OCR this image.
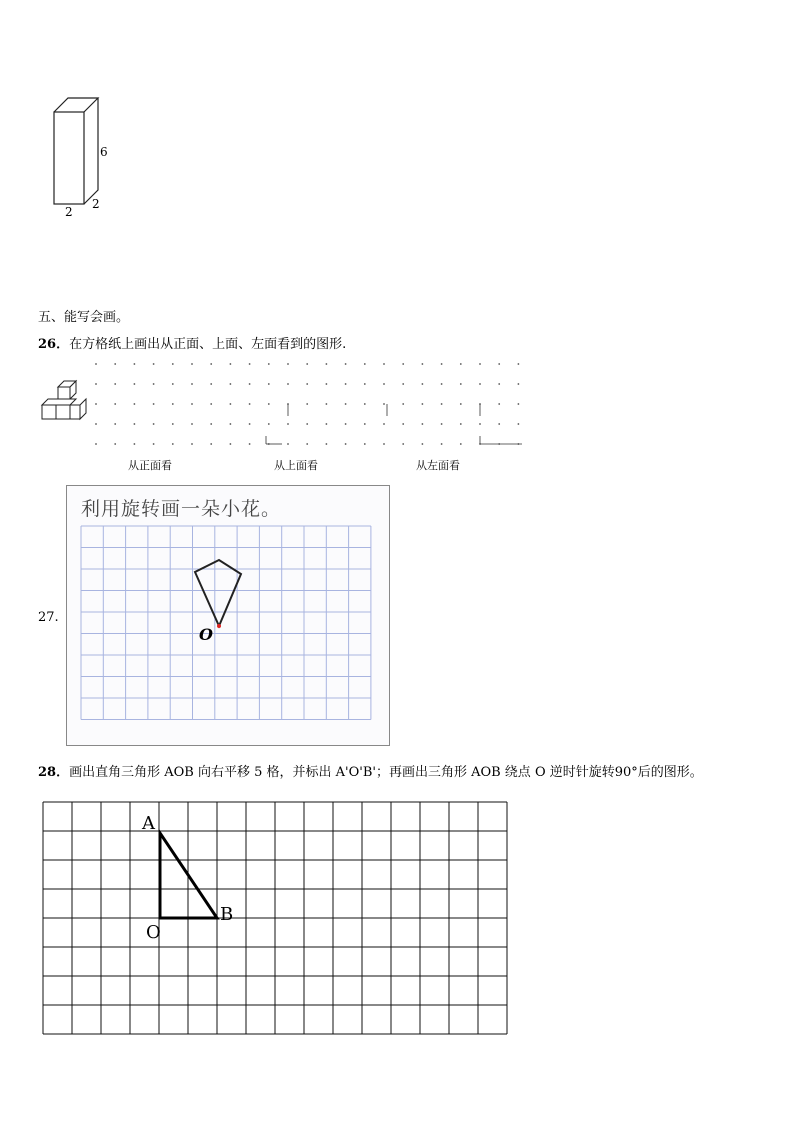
6
2
2
五、能写会画。
26．在方格纸上画出从正面、上面、左面看到的图形.
从正面看	从上面看	从左面看
27.
利用旋转画一朵小花。
O
28．画出直角三角形 AOB 向右平移 5 格，并标出 A'O'B'；再画出三角形 AOB 绕点 O 逆时针旋转90°后的图形。
A
O
B
